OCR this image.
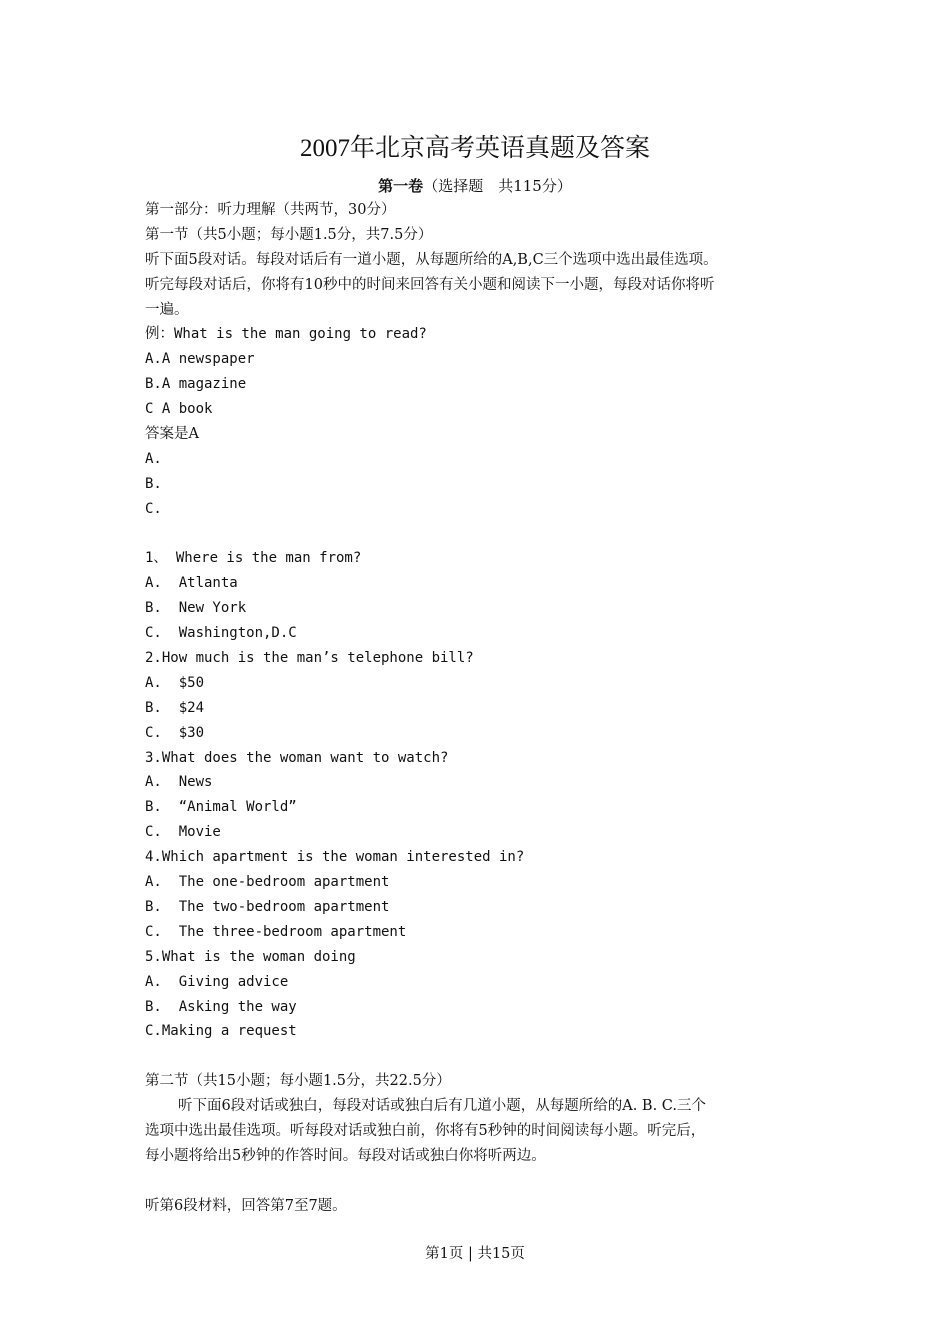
2007年北京高考英语真题及答案
第一卷（选择题　共115分）
第一部分：听力理解（共两节，30分）
第一节（共5小题；每小题1.5分，共7.5分）
听下面5段对话。每段对话后有一道小题，从每题所给的A,B,C三个选项中选出最佳选项。
听完每段对话后，你将有10秒中的时间来回答有关小题和阅读下一小题，每段对话你将听
一遍。
例：What is the man going to read?
A.A newspaper
B.A magazine
C A book
答案是A
A.
B.
C.
1、 Where is the man from?
A.  Atlanta
B.  New York
C.  Washington,D.C
2.How much is the man’s telephone bill?
A.  $50
B.  $24
C.  $30
3.What does the woman want to watch?
A.  News
B.  “Animal World”
C.  Movie
4.Which apartment is the woman interested in?
A.  The one-bedroom apartment
B.  The two-bedroom apartment
C.  The three-bedroom apartment
5.What is the woman doing
A.  Giving advice
B.  Asking the way
C.Making a request
第二节（共15小题；每小题1.5分，共22.5分）
听下面6段对话或独白，每段对话或独白后有几道小题，从每题所给的A. B. C.三个
选项中选出最佳选项。听每段对话或独白前，你将有5秒钟的时间阅读每小题。听完后，
每小题将给出5秒钟的作答时间。每段对话或独白你将听两边。
听第6段材料，回答第7至7题。
第1页 | 共15页
